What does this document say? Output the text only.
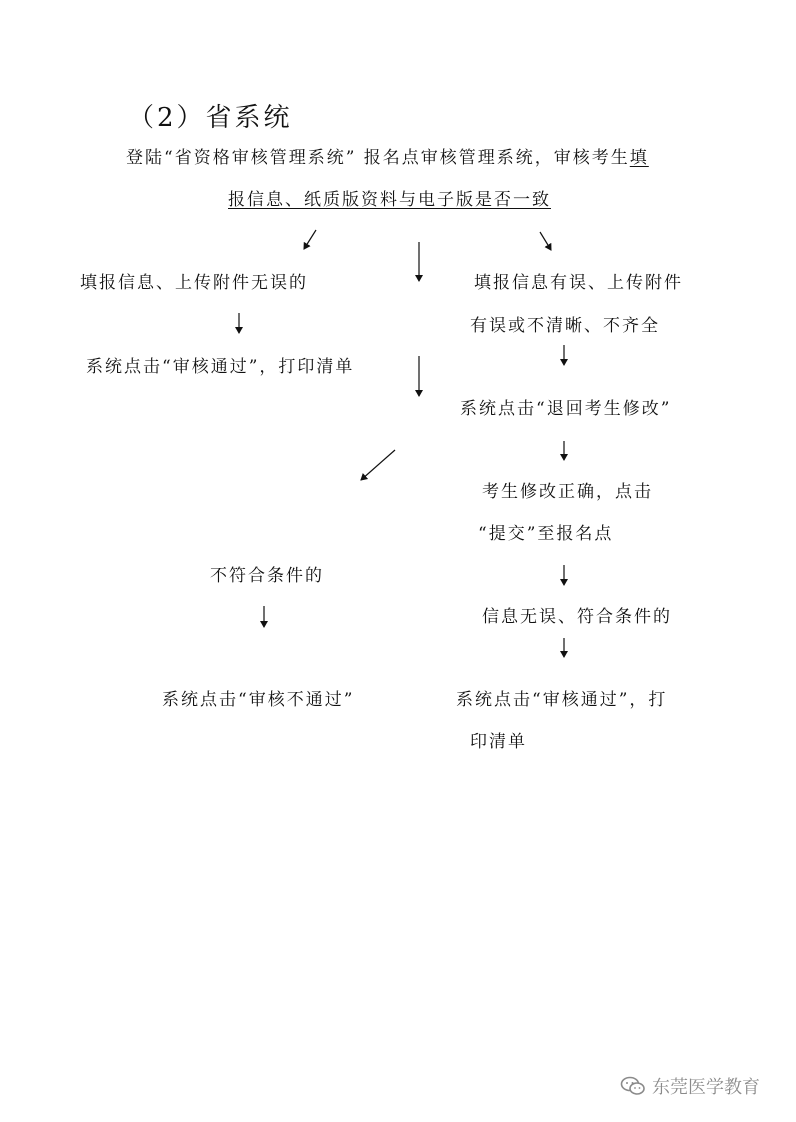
（2）省系统
登陆“省资格审核管理系统” 报名点审核管理系统，审核考生填
报信息、纸质版资料与电子版是否一致
填报信息、上传附件无误的
系统点击“审核通过”，打印清单
不符合条件的
系统点击“审核不通过”
填报信息有误、上传附件
有误或不清晰、不齐全
系统点击“退回考生修改”
考生修改正确，点击
“提交”至报名点
信息无误、符合条件的
系统点击“审核通过”，打
印清单
东莞医学教育
